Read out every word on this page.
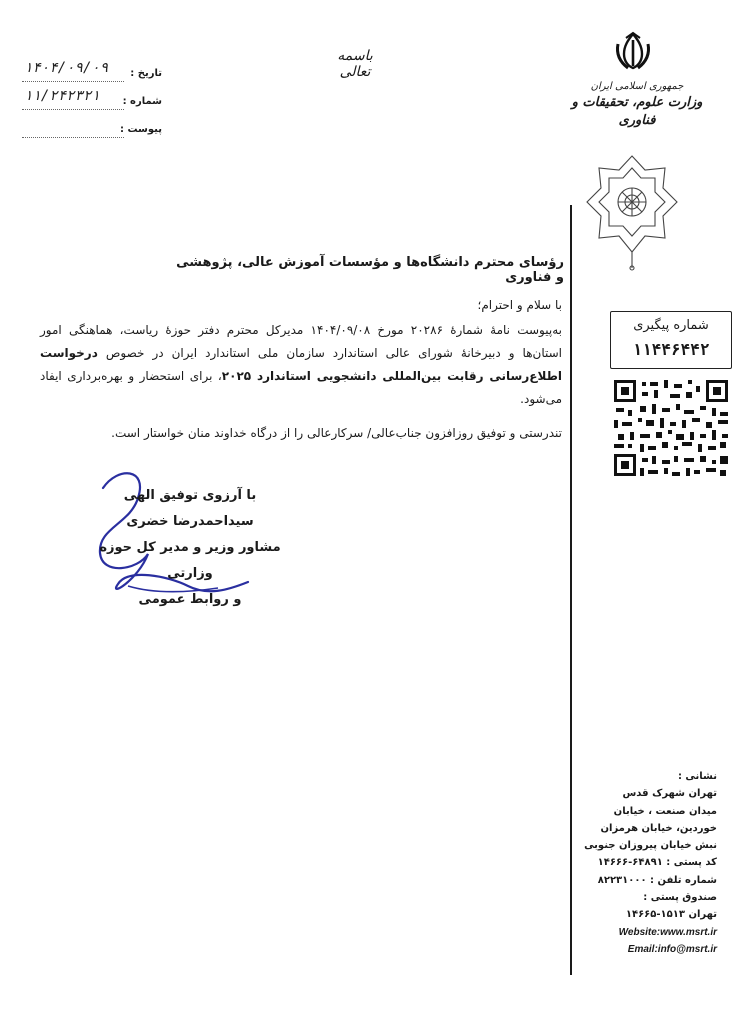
جمهوری اسلامی ایران
وزارت علوم، تحقیقات و فناوری
باسمه تعالی
تاریخ :
۱۴۰۴/۰۹/۰۹
شماره :
۱۱/۲۴۲۳۲۱
پیوست :
رؤسای محترم دانشگاه‌ها و مؤسسات آموزش عالی، پژوهشی و فناوری
با سلام و احترام؛
به‌پیوست نامهٔ شمارهٔ ۲۰۲۸۶ مورخ ۱۴۰۴/۰۹/۰۸ مدیرکل محترم دفتر حوزهٔ ریاست، هماهنگی امور استان‌ها و دبیرخانهٔ شورای عالی استاندارد سازمان ملی استاندارد ایران در خصوص درخواست اطلاع‌رسانی رقابت بین‌المللی دانشجویی استاندارد ۲۰۲۵، برای استحضار و بهره‌برداری ایفاد می‌شود.
تندرستی و توفیق روزافزون جناب‌عالی/ سرکارعالی را از درگاه خداوند منان خواستار است.
با آرزوی توفیق الهی
سیداحمدرضا خضری
مشاور وزیر و مدیر کل حوزه وزارتی
و روابط عمومی
شماره پیگیری
۱۱۴۴۶۴۴۲
نشانی :
تهران شهرک قدس
میدان صنعت ، خیابان
خوردین، خیابان هرمزان
نبش خیابان پیروزان جنوبی
کد پستی : ۶۴۸۹۱-۱۴۶۶۶
شماره تلفن : ۸۲۲۳۱۰۰۰
صندوق پستی :
تهران ۱۵۱۳-۱۴۶۶۵
Website:www.msrt.ir
Email:info@msrt.ir
